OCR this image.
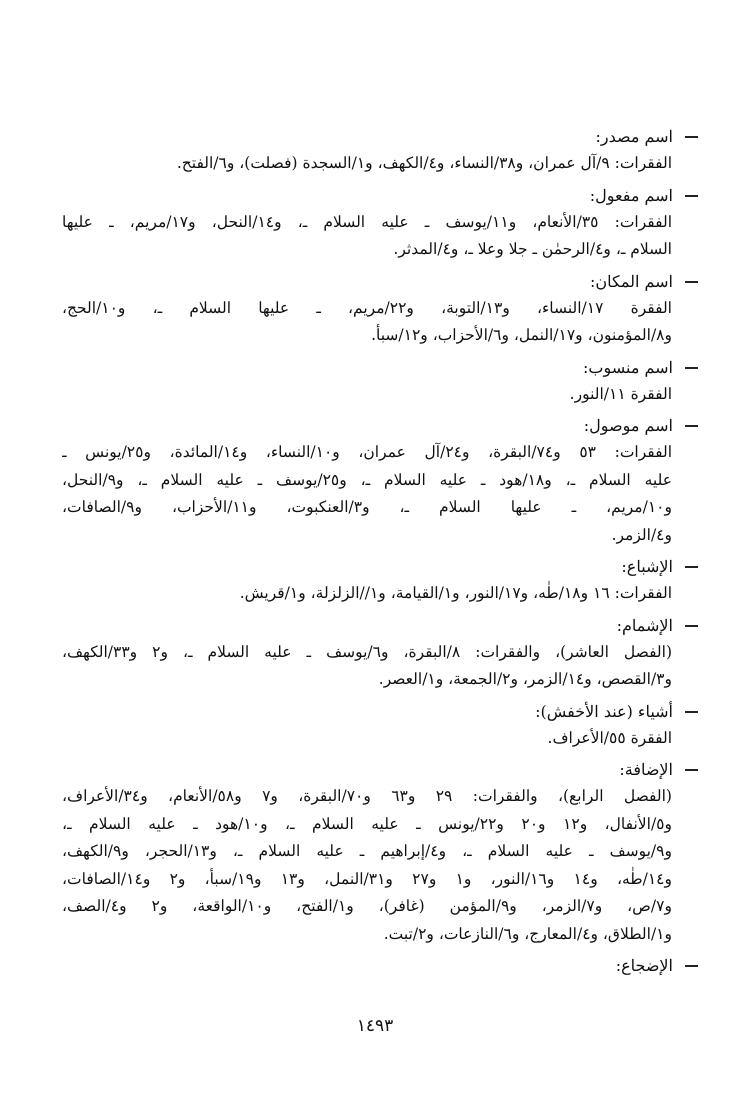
اسم مصدر:
الفقرات: ٩/آل عمران، و٣٨/النساء، و٤/الكهف، و١/السجدة (فصلت)، و٦/الفتح.
اسم مفعول:
الفقرات: ٣٥/الأنعام، و١١/يوسف ـ عليه السلام ـ، و١٤/النحل، و١٧/مريم، ـ عليها
السلام ـ، و٤/الرحمٰن ـ جلا وعلا ـ، و٤/المدثر.
اسم المكان:
الفقرة ١٧/النساء، و١٣/التوبة، و٢٢/مريم، ـ عليها السلام ـ، و١٠/الحج،
و٨/المؤمنون، و١٧/النمل، و٦/الأحزاب، و١٢/سبأ.
اسم منسوب:
الفقرة ١١/النور.
اسم موصول:
الفقرات: ٥٣ و٧٤/البقرة، و٢٤/آل عمران، و١٠/النساء، و١٤/المائدة، و٢٥/يونس ـ
عليه السلام ـ، و١٨/هود ـ عليه السلام ـ، و٢٥/يوسف ـ عليه السلام ـ، و٩/النحل،
و١٠/مريم، ـ عليها السلام ـ، و٣/العنكبوت، و١١/الأحزاب، و٩/الصافات،
و٤/الزمر.
الإشباع:
الفقرات: ١٦ و١٨/طٰه، و١٧/النور، و١/القيامة، و١//الزلزلة، و١/قريش.
الإشمام:
(الفصل العاشر)، والفقرات: ٨/البقرة، و٦/يوسف ـ عليه السلام ـ، و٢ و٣٣/الكهف،
و٣/القصص، و١٤/الزمر، و٢/الجمعة، و١/العصر.
أشياء (عند الأخفش):
الفقرة ٥٥/الأعراف.
الإضافة:
(الفصل الرابع)، والفقرات: ٢٩ و٦٣ و٧٠/البقرة، و٧ و٥٨/الأنعام، و٣٤/الأعراف،
و٥/الأنفال، و١٢ و٢٠ و٢٢/يونس ـ عليه السلام ـ، و١٠/هود ـ عليه السلام ـ،
و٩/يوسف ـ عليه السلام ـ، و٤/إبراهيم ـ عليه السلام ـ، و١٣/الحجر، و٩/الكهف،
و١٤/طٰه، و١٤ و١٦/النور، و١ و٢٧ و٣١/النمل، و١٣ و١٩/سبأ، و٢ و١٤/الصافات،
و٧/ص، و٧/الزمر، و٩/المؤمن (غافر)، و١/الفتح، و١٠/الواقعة، و٢ و٤/الصف،
و١/الطلاق، و٤/المعارج، و٦/النازعات، و٢/تبت.
الإضجاع:
١٤٩٣
